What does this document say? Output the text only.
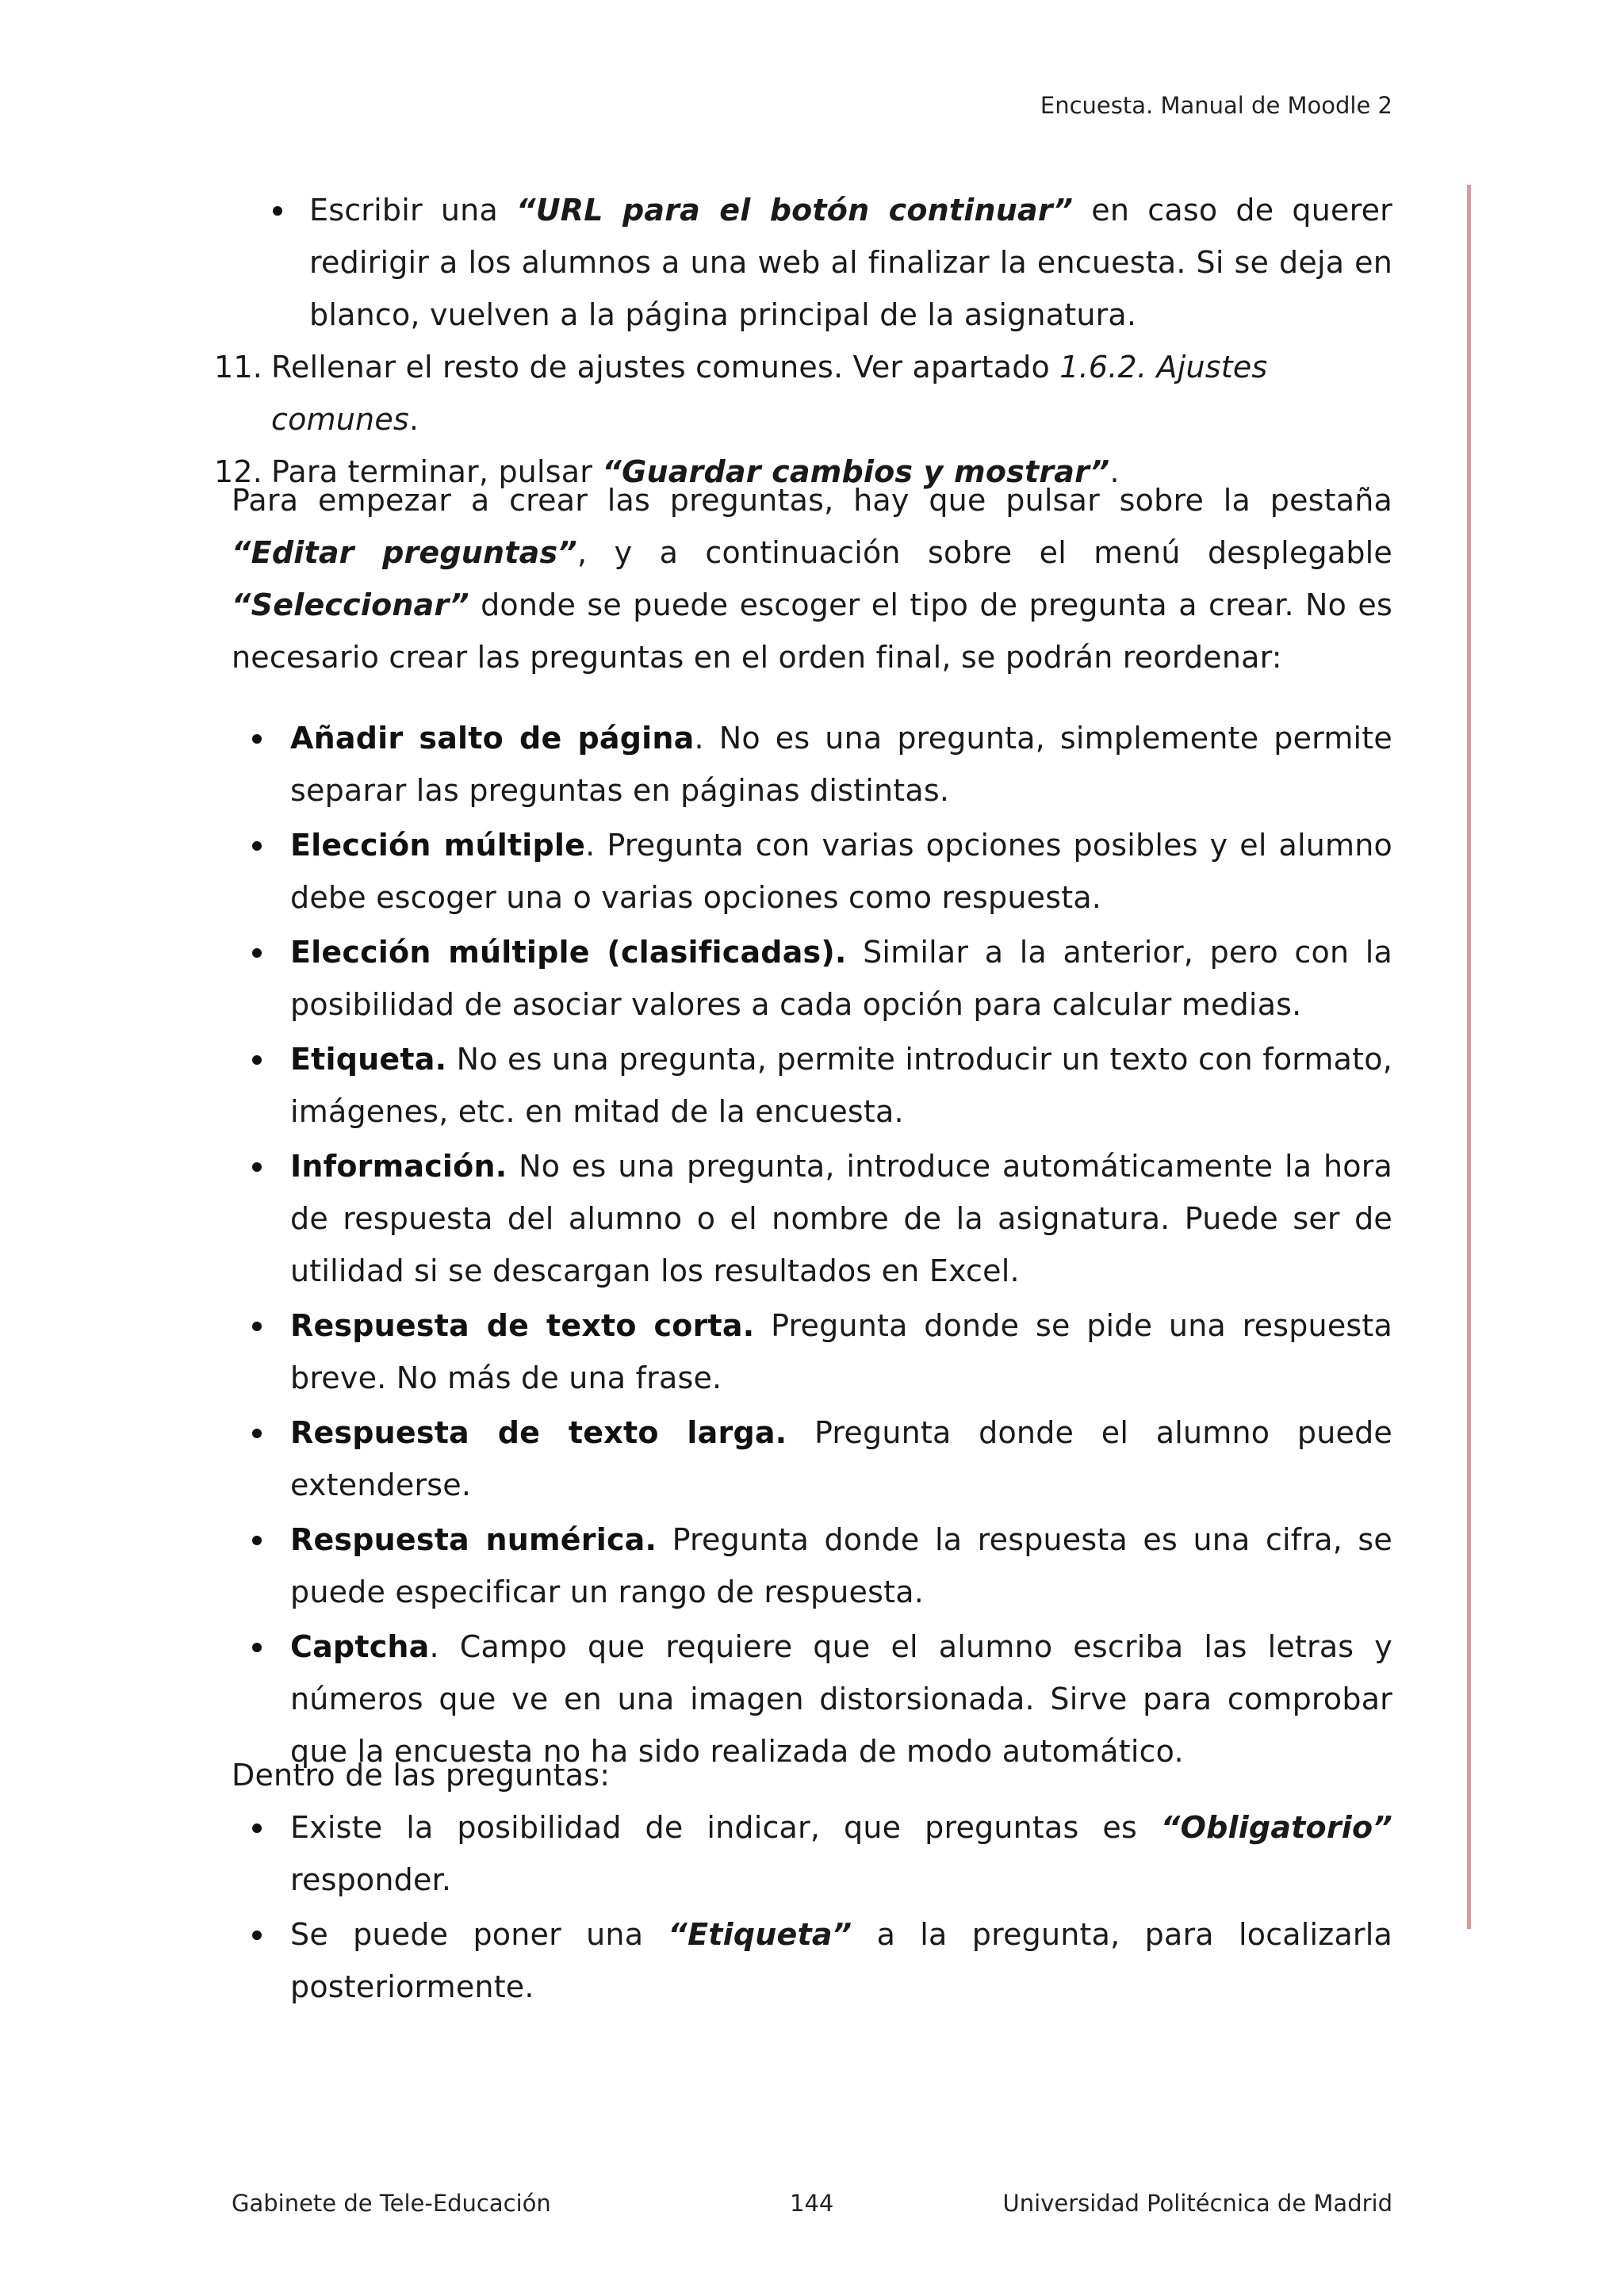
Encuesta. Manual de Moodle 2
Escribir una “URL para el botón continuar” en caso de querer redirigir a los alumnos a una web al finalizar la encuesta. Si se deja en blanco, vuelven a la página principal de la asignatura.
11. Rellenar el resto de ajustes comunes. Ver apartado 1.6.2. Ajustes comunes.
12. Para terminar, pulsar “Guardar cambios y mostrar”.
Para empezar a crear las preguntas, hay que pulsar sobre la pestaña “Editar preguntas”, y a continuación sobre el menú desplegable “Seleccionar” donde se puede escoger el tipo de pregunta a crear. No es necesario crear las preguntas en el orden final, se podrán reordenar:
Añadir salto de página. No es una pregunta, simplemente permite separar las preguntas en páginas distintas.
Elección múltiple. Pregunta con varias opciones posibles y el alumno debe escoger una o varias opciones como respuesta.
Elección múltiple (clasificadas). Similar a la anterior, pero con la posibilidad de asociar valores a cada opción para calcular medias.
Etiqueta. No es una pregunta, permite introducir un texto con formato, imágenes, etc. en mitad de la encuesta.
Información. No es una pregunta, introduce automáticamente la hora de respuesta del alumno o el nombre de la asignatura. Puede ser de utilidad si se descargan los resultados en Excel.
Respuesta de texto corta. Pregunta donde se pide una respuesta breve. No más de una frase.
Respuesta de texto larga. Pregunta donde el alumno puede extenderse.
Respuesta numérica. Pregunta donde la respuesta es una cifra, se puede especificar un rango de respuesta.
Captcha. Campo que requiere que el alumno escriba las letras y números que ve en una imagen distorsionada. Sirve para comprobar que la encuesta no ha sido realizada de modo automático.
Dentro de las preguntas:
Existe la posibilidad de indicar, que preguntas es “Obligatorio” responder.
Se puede poner una “Etiqueta” a la pregunta, para localizarla posteriormente.
Gabinete de Tele-Educación	144	Universidad Politécnica de Madrid
